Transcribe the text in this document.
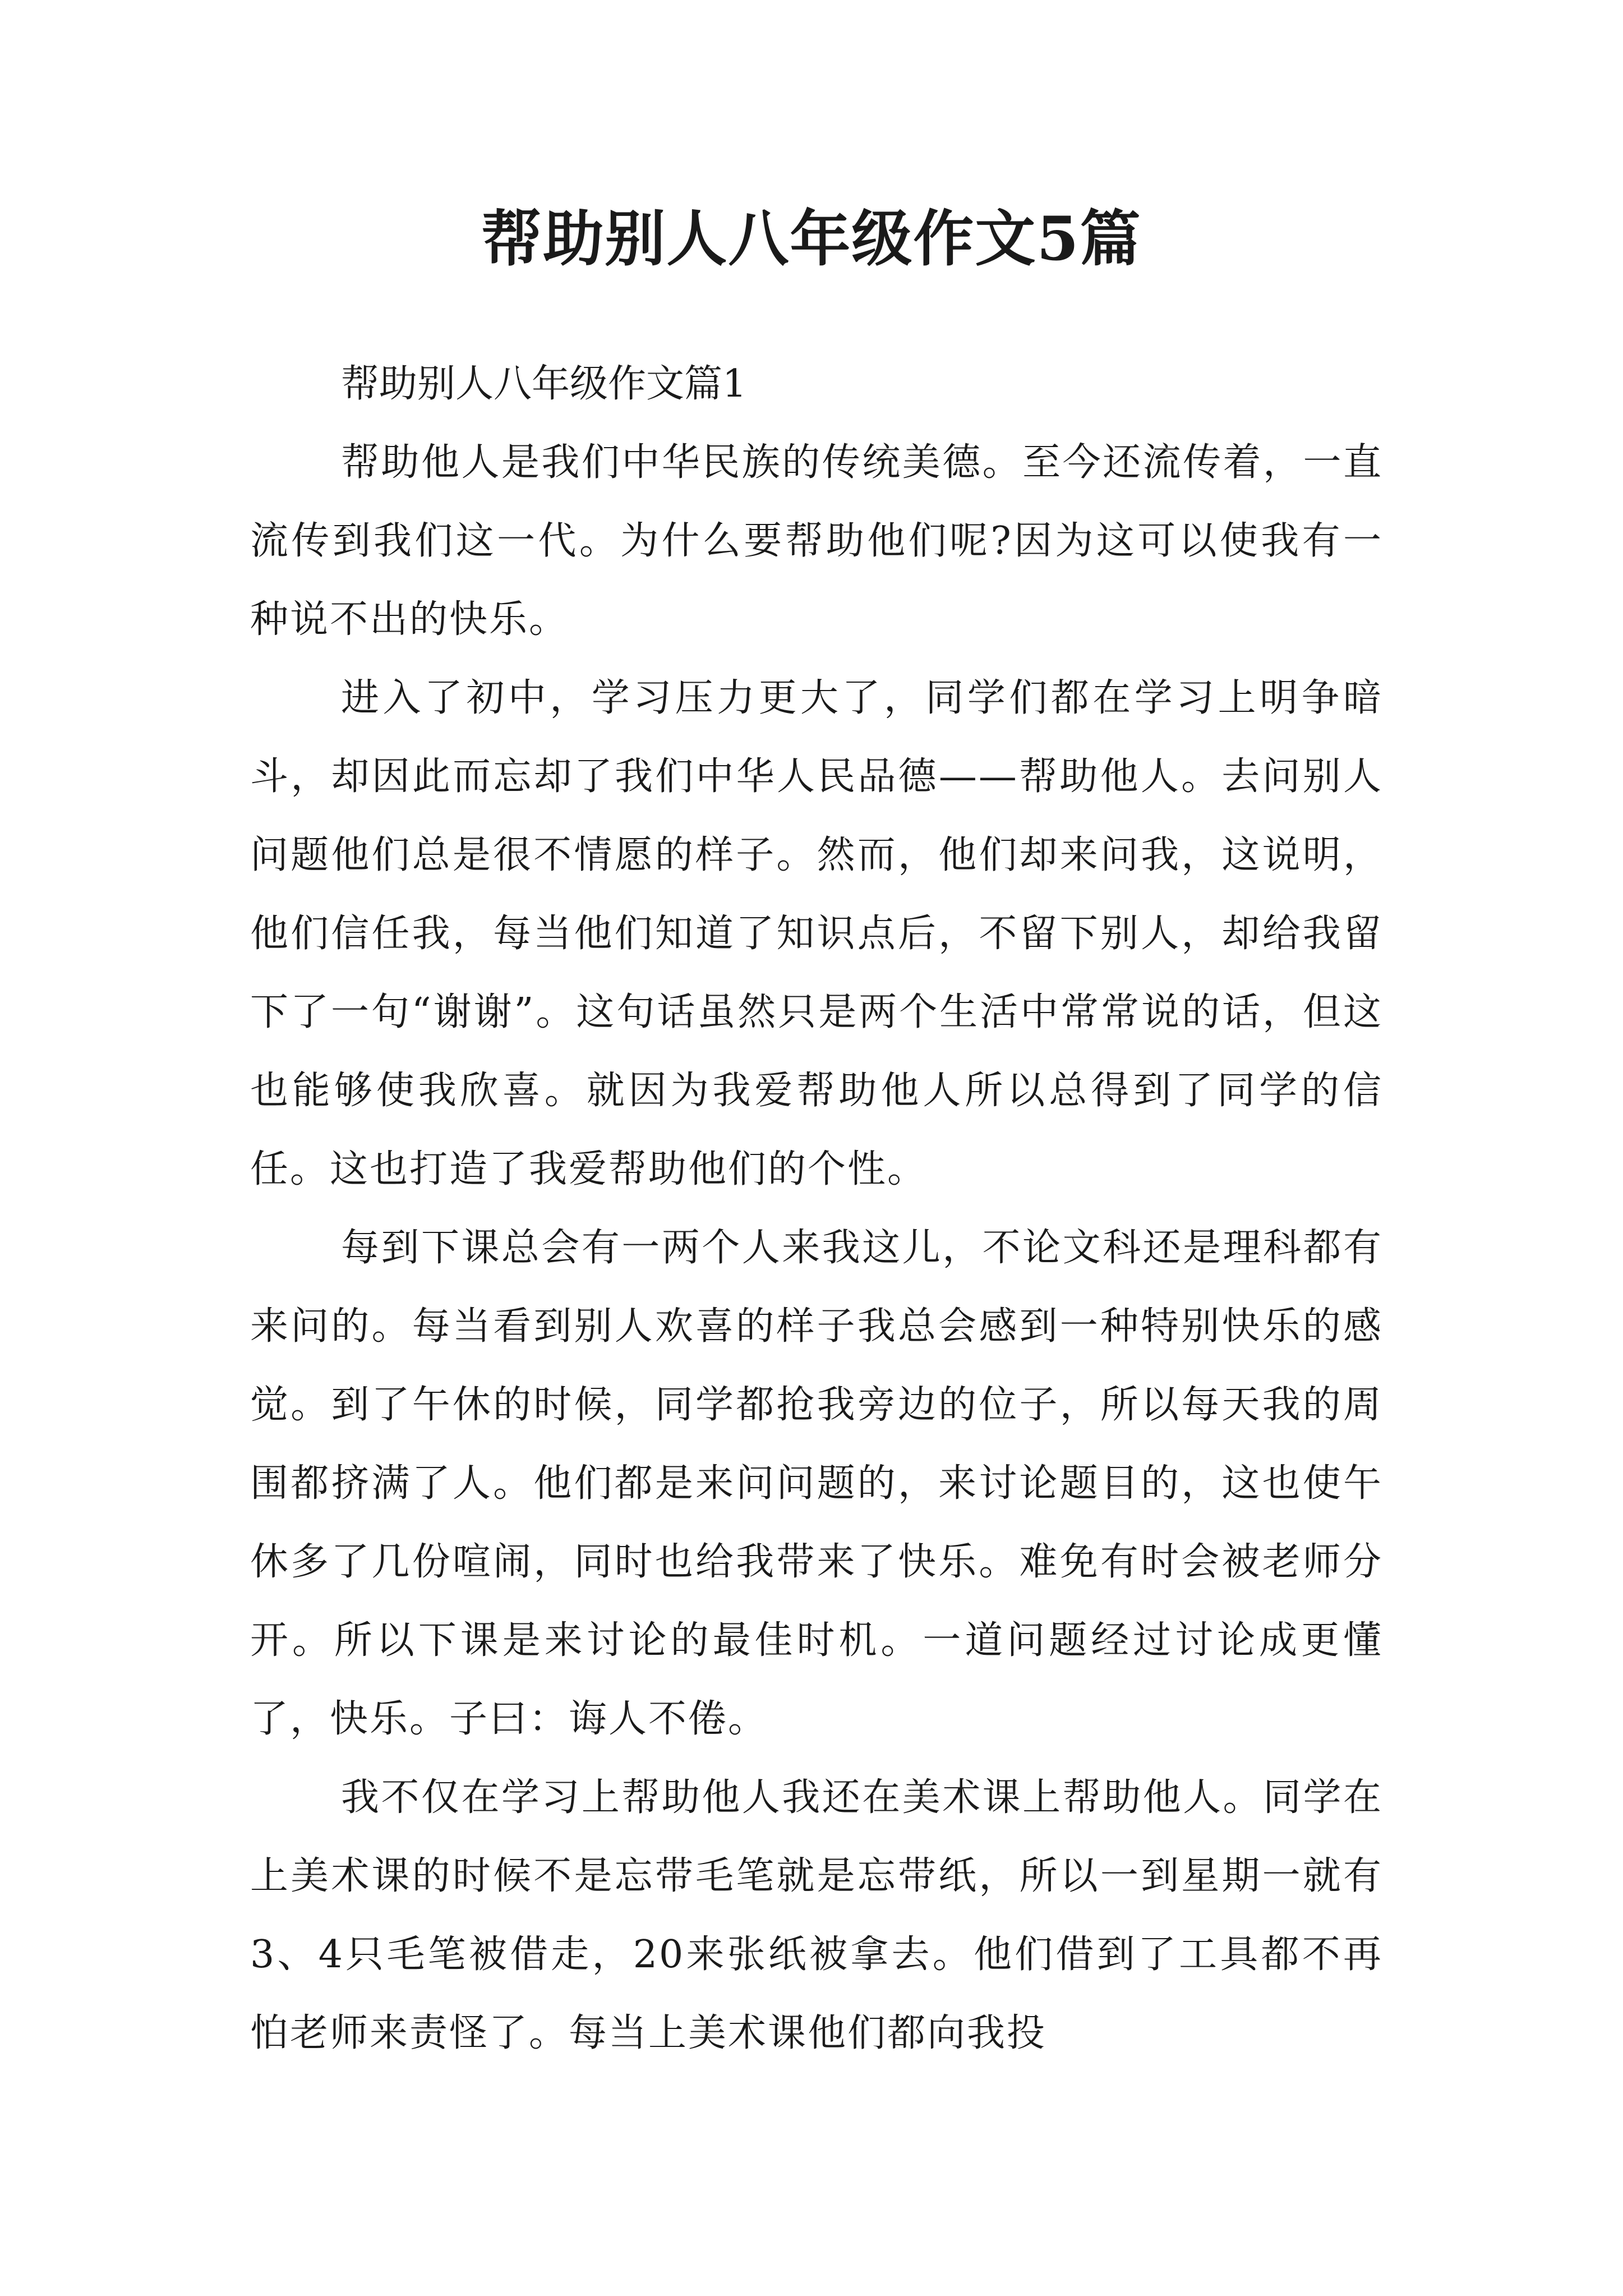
帮助别人八年级作文5篇

帮助别人八年级作文篇1

帮助他人是我们中华民族的传统美德。至今还流传着，一直流传到我们这一代。为什么要帮助他们呢?因为这可以使我有一种说不出的快乐。

进入了初中，学习压力更大了，同学们都在学习上明争暗斗，却因此而忘却了我们中华人民品德——帮助他人。去问别人问题他们总是很不情愿的样子。然而，他们却来问我，这说明，他们信任我，每当他们知道了知识点后，不留下别人，却给我留下了一句“谢谢”。这句话虽然只是两个生活中常常说的话，但这也能够使我欣喜。就因为我爱帮助他人所以总得到了同学的信任。这也打造了我爱帮助他们的个性。

每到下课总会有一两个人来我这儿，不论文科还是理科都有来问的。每当看到别人欢喜的样子我总会感到一种特别快乐的感觉。到了午休的时候，同学都抢我旁边的位子，所以每天我的周围都挤满了人。他们都是来问问题的，来讨论题目的，这也使午休多了几份喧闹，同时也给我带来了快乐。难免有时会被老师分开。所以下课是来讨论的最佳时机。一道问题经过讨论成更懂了，快乐。子曰：诲人不倦。

我不仅在学习上帮助他人我还在美术课上帮助他人。同学在上美术课的时候不是忘带毛笔就是忘带纸，所以一到星期一就有3、4只毛笔被借走，20来张纸被拿去。他们借到了工具都不再怕老师来责怪了。每当上美术课他们都向我投
